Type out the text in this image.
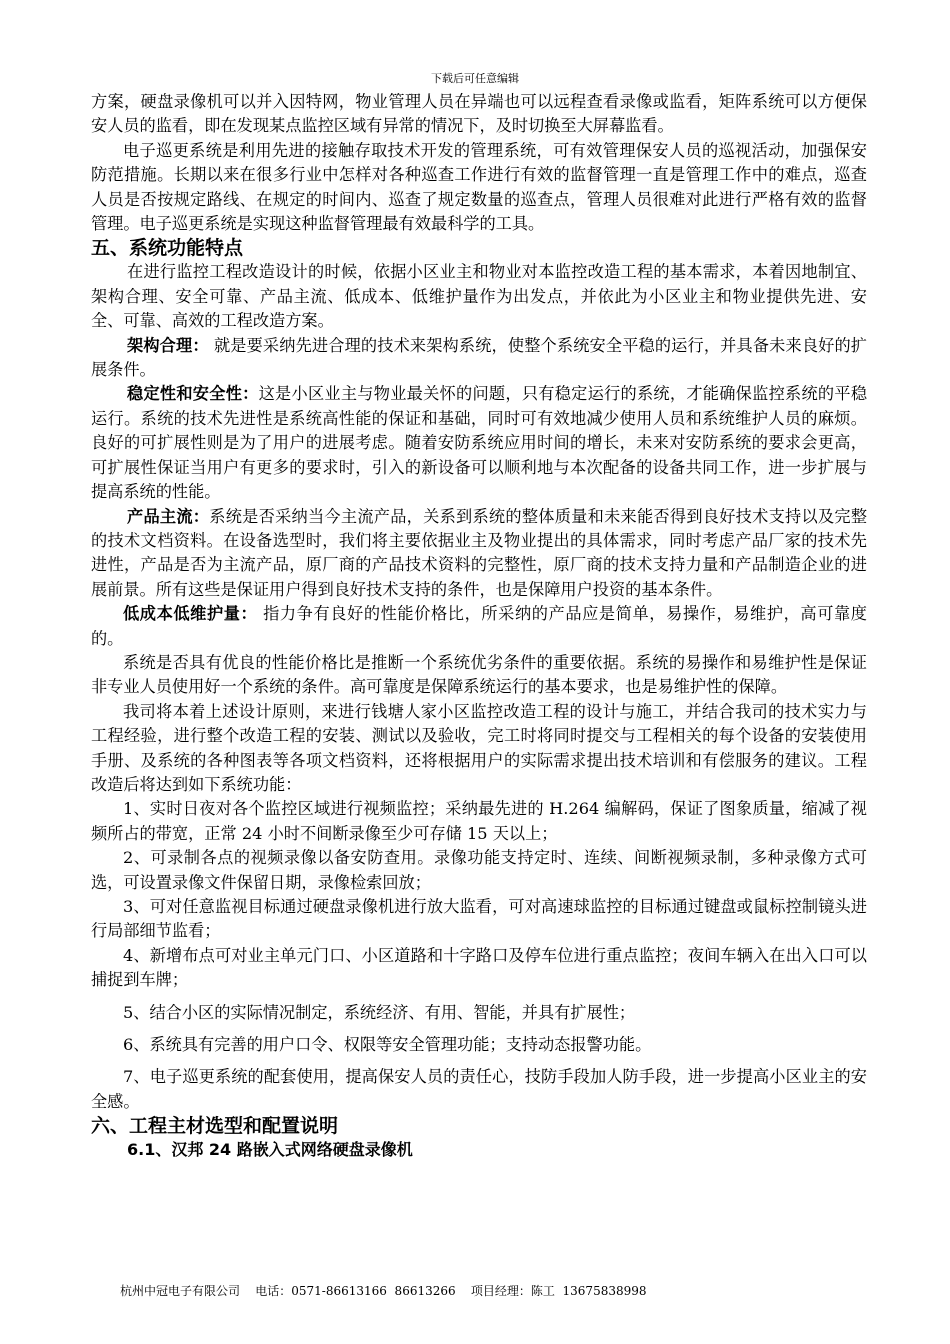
下载后可任意编辑

方案，硬盘录像机可以并入因特网，物业管理人员在异端也可以远程查看录像或监看，矩阵系统可以方便保安人员的监看，即在发现某点监控区域有异常的情况下，及时切换至大屏幕监看。

电子巡更系统是利用先进的接触存取技术开发的管理系统，可有效管理保安人员的巡视活动，加强保安防范措施。长期以来在很多行业中怎样对各种巡查工作进行有效的监督管理一直是管理工作中的难点，巡查人员是否按规定路线、在规定的时间内、巡查了规定数量的巡查点，管理人员很难对此进行严格有效的监督管理。电子巡更系统是实现这种监督管理最有效最科学的工具。

五、系统功能特点

在进行监控工程改造设计的时候，依据小区业主和物业对本监控改造工程的基本需求，本着因地制宜、架构合理、安全可靠、产品主流、低成本、低维护量作为出发点，并依此为小区业主和物业提供先进、安全、可靠、高效的工程改造方案。

架构合理： 就是要采纳先进合理的技术来架构系统，使整个系统安全平稳的运行，并具备未来良好的扩展条件。

稳定性和安全性：这是小区业主与物业最关怀的问题，只有稳定运行的系统，才能确保监控系统的平稳运行。系统的技术先进性是系统高性能的保证和基础，同时可有效地减少使用人员和系统维护人员的麻烦。良好的可扩展性则是为了用户的进展考虑。随着安防系统应用时间的增长，未来对安防系统的要求会更高，可扩展性保证当用户有更多的要求时，引入的新设备可以顺利地与本次配备的设备共同工作，进一步扩展与提高系统的性能。

产品主流：系统是否采纳当今主流产品，关系到系统的整体质量和未来能否得到良好技术支持以及完整的技术文档资料。在设备选型时，我们将主要依据业主及物业提出的具体需求，同时考虑产品厂家的技术先进性，产品是否为主流产品，原厂商的产品技术资料的完整性，原厂商的技术支持力量和产品制造企业的进展前景。所有这些是保证用户得到良好技术支持的条件，也是保障用户投资的基本条件。

低成本低维护量： 指力争有良好的性能价格比，所采纳的产品应是简单，易操作，易维护，高可靠度的。

系统是否具有优良的性能价格比是推断一个系统优劣条件的重要依据。系统的易操作和易维护性是保证非专业人员使用好一个系统的条件。高可靠度是保障系统运行的基本要求，也是易维护性的保障。

我司将本着上述设计原则，来进行钱塘人家小区监控改造工程的设计与施工，并结合我司的技术实力与工程经验，进行整个改造工程的安装、测试以及验收，完工时将同时提交与工程相关的每个设备的安装使用手册、及系统的各种图表等各项文档资料，还将根据用户的实际需求提出技术培训和有偿服务的建议。工程改造后将达到如下系统功能：

1、实时日夜对各个监控区域进行视频监控；采纳最先进的 H.264 编解码，保证了图象质量，缩减了视频所占的带宽，正常 24 小时不间断录像至少可存储 15 天以上；

2、可录制各点的视频录像以备安防查用。录像功能支持定时、连续、间断视频录制，多种录像方式可选，可设置录像文件保留日期，录像检索回放；

3、可对任意监视目标通过硬盘录像机进行放大监看，可对高速球监控的目标通过键盘或鼠标控制镜头进行局部细节监看；

4、新增布点可对业主单元门口、小区道路和十字路口及停车位进行重点监控；夜间车辆入在出入口可以捕捉到车牌；

5、结合小区的实际情况制定，系统经济、有用、智能，并具有扩展性；

6、系统具有完善的用户口令、权限等安全管理功能；支持动态报警功能。

7、电子巡更系统的配套使用，提高保安人员的责任心，技防手段加人防手段，进一步提高小区业主的安全感。

六、工程主材选型和配置说明

6.1、汉邦 24 路嵌入式网络硬盘录像机

杭州中冠电子有限公司    电话：0571-86613166  86613266    项目经理：陈工  13675838998
